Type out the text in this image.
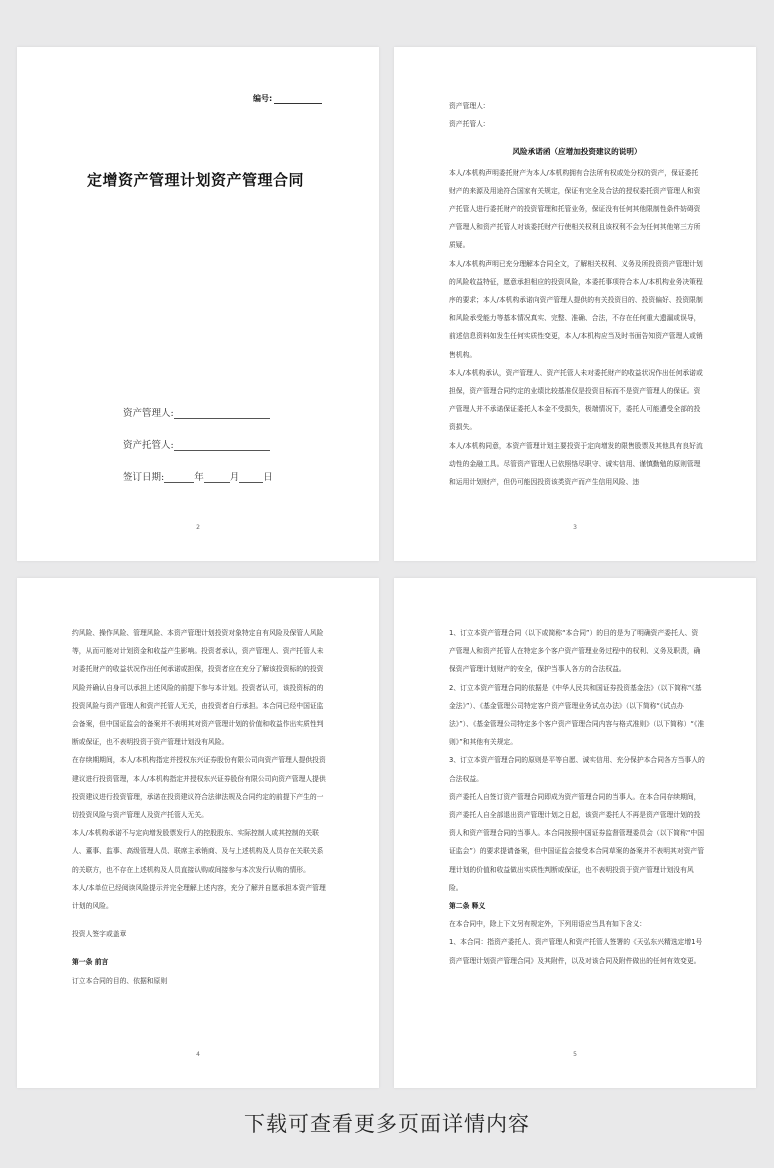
编号:
定增资产管理计划资产管理合同
资产管理人:
资产托管人:
签订日期:	年	月	日
2

资产管理人:

资产托管人:

风险承诺函（应增加投资建议的说明）

本人/本机构声明委托财产为本人/本机构拥有合法所有权或处分权的资产，保证委托财产的来源及用途符合国家有关规定，保证有完全及合法的授权委托资产管理人和资产托管人进行委托财产的投资管理和托管业务，保证没有任何其他限制性条件妨碍资产管理人和资产托管人对该委托财产行使相关权利且该权利不会为任何其他第三方所质疑。

本人/本机构声明已充分理解本合同全文，了解相关权利、义务及所投资资产管理计划的风险收益特征，愿意承担相应的投资风险，本委托事项符合本人/本机构业务决策程序的要求；本人/本机构承诺向资产管理人提供的有关投资目的、投资偏好、投资限制和风险承受能力等基本情况真实、完整、准确、合法，不存在任何重大遗漏或误导，前述信息资料如发生任何实质性变更，本人/本机构应当及时书面告知资产管理人或销售机构。

本人/本机构承认，资产管理人、资产托管人未对委托财产的收益状况作出任何承诺或担保，资产管理合同约定的业绩比较基准仅是投资目标而不是资产管理人的保证。资产管理人并不承诺保证委托人本金不受损失，极端情况下，委托人可能遭受全部的投资损失。

本人/本机构同意，本资产管理计划主要投资于定向增发的限售股票及其他具有良好流动性的金融工具。尽管资产管理人已依照恪尽职守、诚实信用、谨慎勤勉的原则管理和运用计划财产，但仍可能因投资该类资产而产生信用风险、违

3

约风险、操作风险、管理风险、本资产管理计划投资对象特定自有风险及保管人风险等，从而可能对计划资金和收益产生影响。投资者承认，资产管理人、资产托管人未对委托财产的收益状况作出任何承诺或担保，投资者应在充分了解该投资标的的投资风险并确认自身可以承担上述风险的前提下参与本计划。投资者认可，该投资标的的投资风险与资产管理人和资产托管人无关，由投资者自行承担。本合同已经中国证监会备案，但中国证监会的备案并不表明其对资产管理计划的价值和收益作出实质性判断或保证，也不表明投资于资产管理计划没有风险。

在存续期期间，本人/本机构指定并授权东兴证券股份有限公司向资产管理人提供投资建议进行投资管理，本人/本机构指定并授权东兴证券股份有限公司向资产管理人提供投资建议进行投资管理，承诺在投资建议符合法律法规及合同约定的前提下产生的一切投资风险与资产管理人及资产托管人无关。

本人/本机构承诺不与定向增发股票发行人的控股股东、实际控制人或其控制的关联人、董事、监事、高级管理人员、联席主承销商、及与上述机构及人员存在关联关系的关联方，也不存在上述机构及人员直接认购或间接参与本次发行认购的情形。

本人/本单位已经阅读风险提示并完全理解上述内容，充分了解并自愿承担本资产管理计划的风险。

投资人签字或盖章

第一条 前言

订立本合同的目的、依据和原则

4

1、订立本资产管理合同（以下或简称“本合同”）的目的是为了明确资产委托人、资产管理人和资产托管人在特定多个客户资产管理业务过程中的权利、义务及职责，确保资产管理计划财产的安全，保护当事人各方的合法权益。

2、订立本资产管理合同的依据是《中华人民共和国证券投资基金法》（以下简称“《基金法》”）、《基金管理公司特定客户资产管理业务试点办法》（以下简称“《试点办法》”）、《基金管理公司特定多个客户资产管理合同内容与格式准则》（以下简称）“《准则》”和其他有关规定。

3、订立本资产管理合同的原则是平等自愿、诚实信用、充分保护本合同各方当事人的合法权益。

资产委托人自签订资产管理合同即成为资产管理合同的当事人。在本合同存续期间，资产委托人自全部退出资产管理计划之日起，该资产委托人不再是资产管理计划的投资人和资产管理合同的当事人。本合同按照中国证券监督管理委员会（以下简称“中国证监会”）的要求提请备案，但中国证监会接受本合同草案的备案并不表明其对资产管理计划的价值和收益做出实质性判断或保证，也不表明投资于资产管理计划没有风险。

第二条 释义

在本合同中，除上下文另有规定外，下列用语应当具有如下含义：

1、本合同：指资产委托人、资产管理人和资产托管人签署的《天弘东兴精选定增1号资产管理计划资产管理合同》及其附件，以及对该合同及附件做出的任何有效变更。

5
下载可查看更多页面详情内容
